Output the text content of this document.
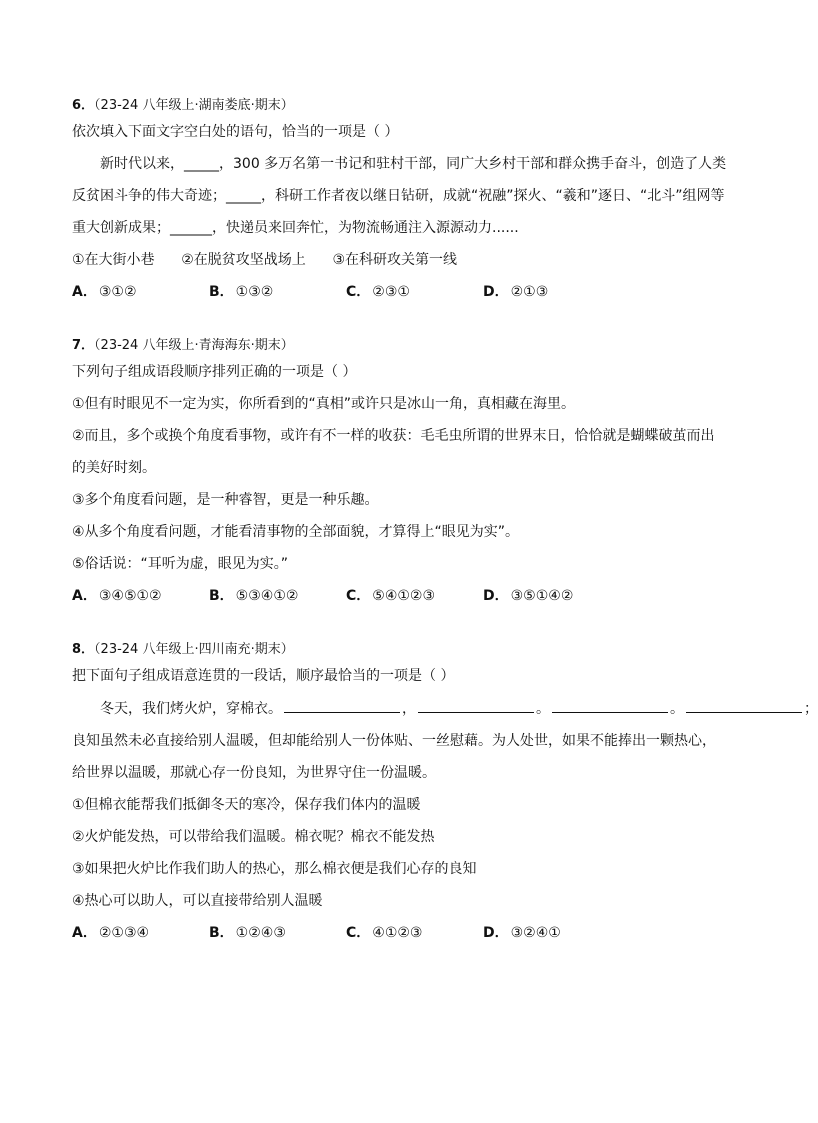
6．（23-24 八年级上·湖南娄底·期末）
依次填入下面文字空白处的语句，恰当的一项是（ ）
新时代以来，_____，300 多万名第一书记和驻村干部，同广大乡村干部和群众携手奋斗，创造了人类
反贫困斗争的伟大奇迹；_____，科研工作者夜以继日钻研，成就“祝融”探火、“羲和”逐日、“北斗”组网等
重大创新成果；______，快递员来回奔忙，为物流畅通注入源源动力......
①在大街小巷      ②在脱贫攻坚战场上      ③在科研攻关第一线
A． ③①②	B． ①③②	C． ②③①	D． ②①③
7．（23-24 八年级上·青海海东·期末）
下列句子组成语段顺序排列正确的一项是（ ）
①但有时眼见不一定为实，你所看到的“真相”或许只是冰山一角，真相藏在海里。
②而且，多个或换个角度看事物，或许有不一样的收获：毛毛虫所谓的世界末日，恰恰就是蝴蝶破茧而出
的美好时刻。
③多个角度看问题，是一种睿智，更是一种乐趣。
④从多个角度看问题，才能看清事物的全部面貌，才算得上“眼见为实”。
⑤俗话说：“耳听为虚，眼见为实。”
A． ③④⑤①②	B． ⑤③④①②	C． ⑤④①②③	D． ③⑤①④②
8．（23-24 八年级上·四川南充·期末）
把下面句子组成语意连贯的一段话，顺序最恰当的一项是（ ）
冬天，我们烤火炉，穿棉衣。	，	。	。	；
良知虽然未必直接给别人温暖，但却能给别人一份体贴、一丝慰藉。为人处世，如果不能捧出一颗热心，
给世界以温暖，那就心存一份良知，为世界守住一份温暖。
①但棉衣能帮我们抵御冬天的寒冷，保存我们体内的温暖
②火炉能发热，可以带给我们温暖。棉衣呢？棉衣不能发热
③如果把火炉比作我们助人的热心，那么棉衣便是我们心存的良知
④热心可以助人，可以直接带给别人温暖
A． ②①③④	B． ①②④③	C． ④①②③	D． ③②④①
